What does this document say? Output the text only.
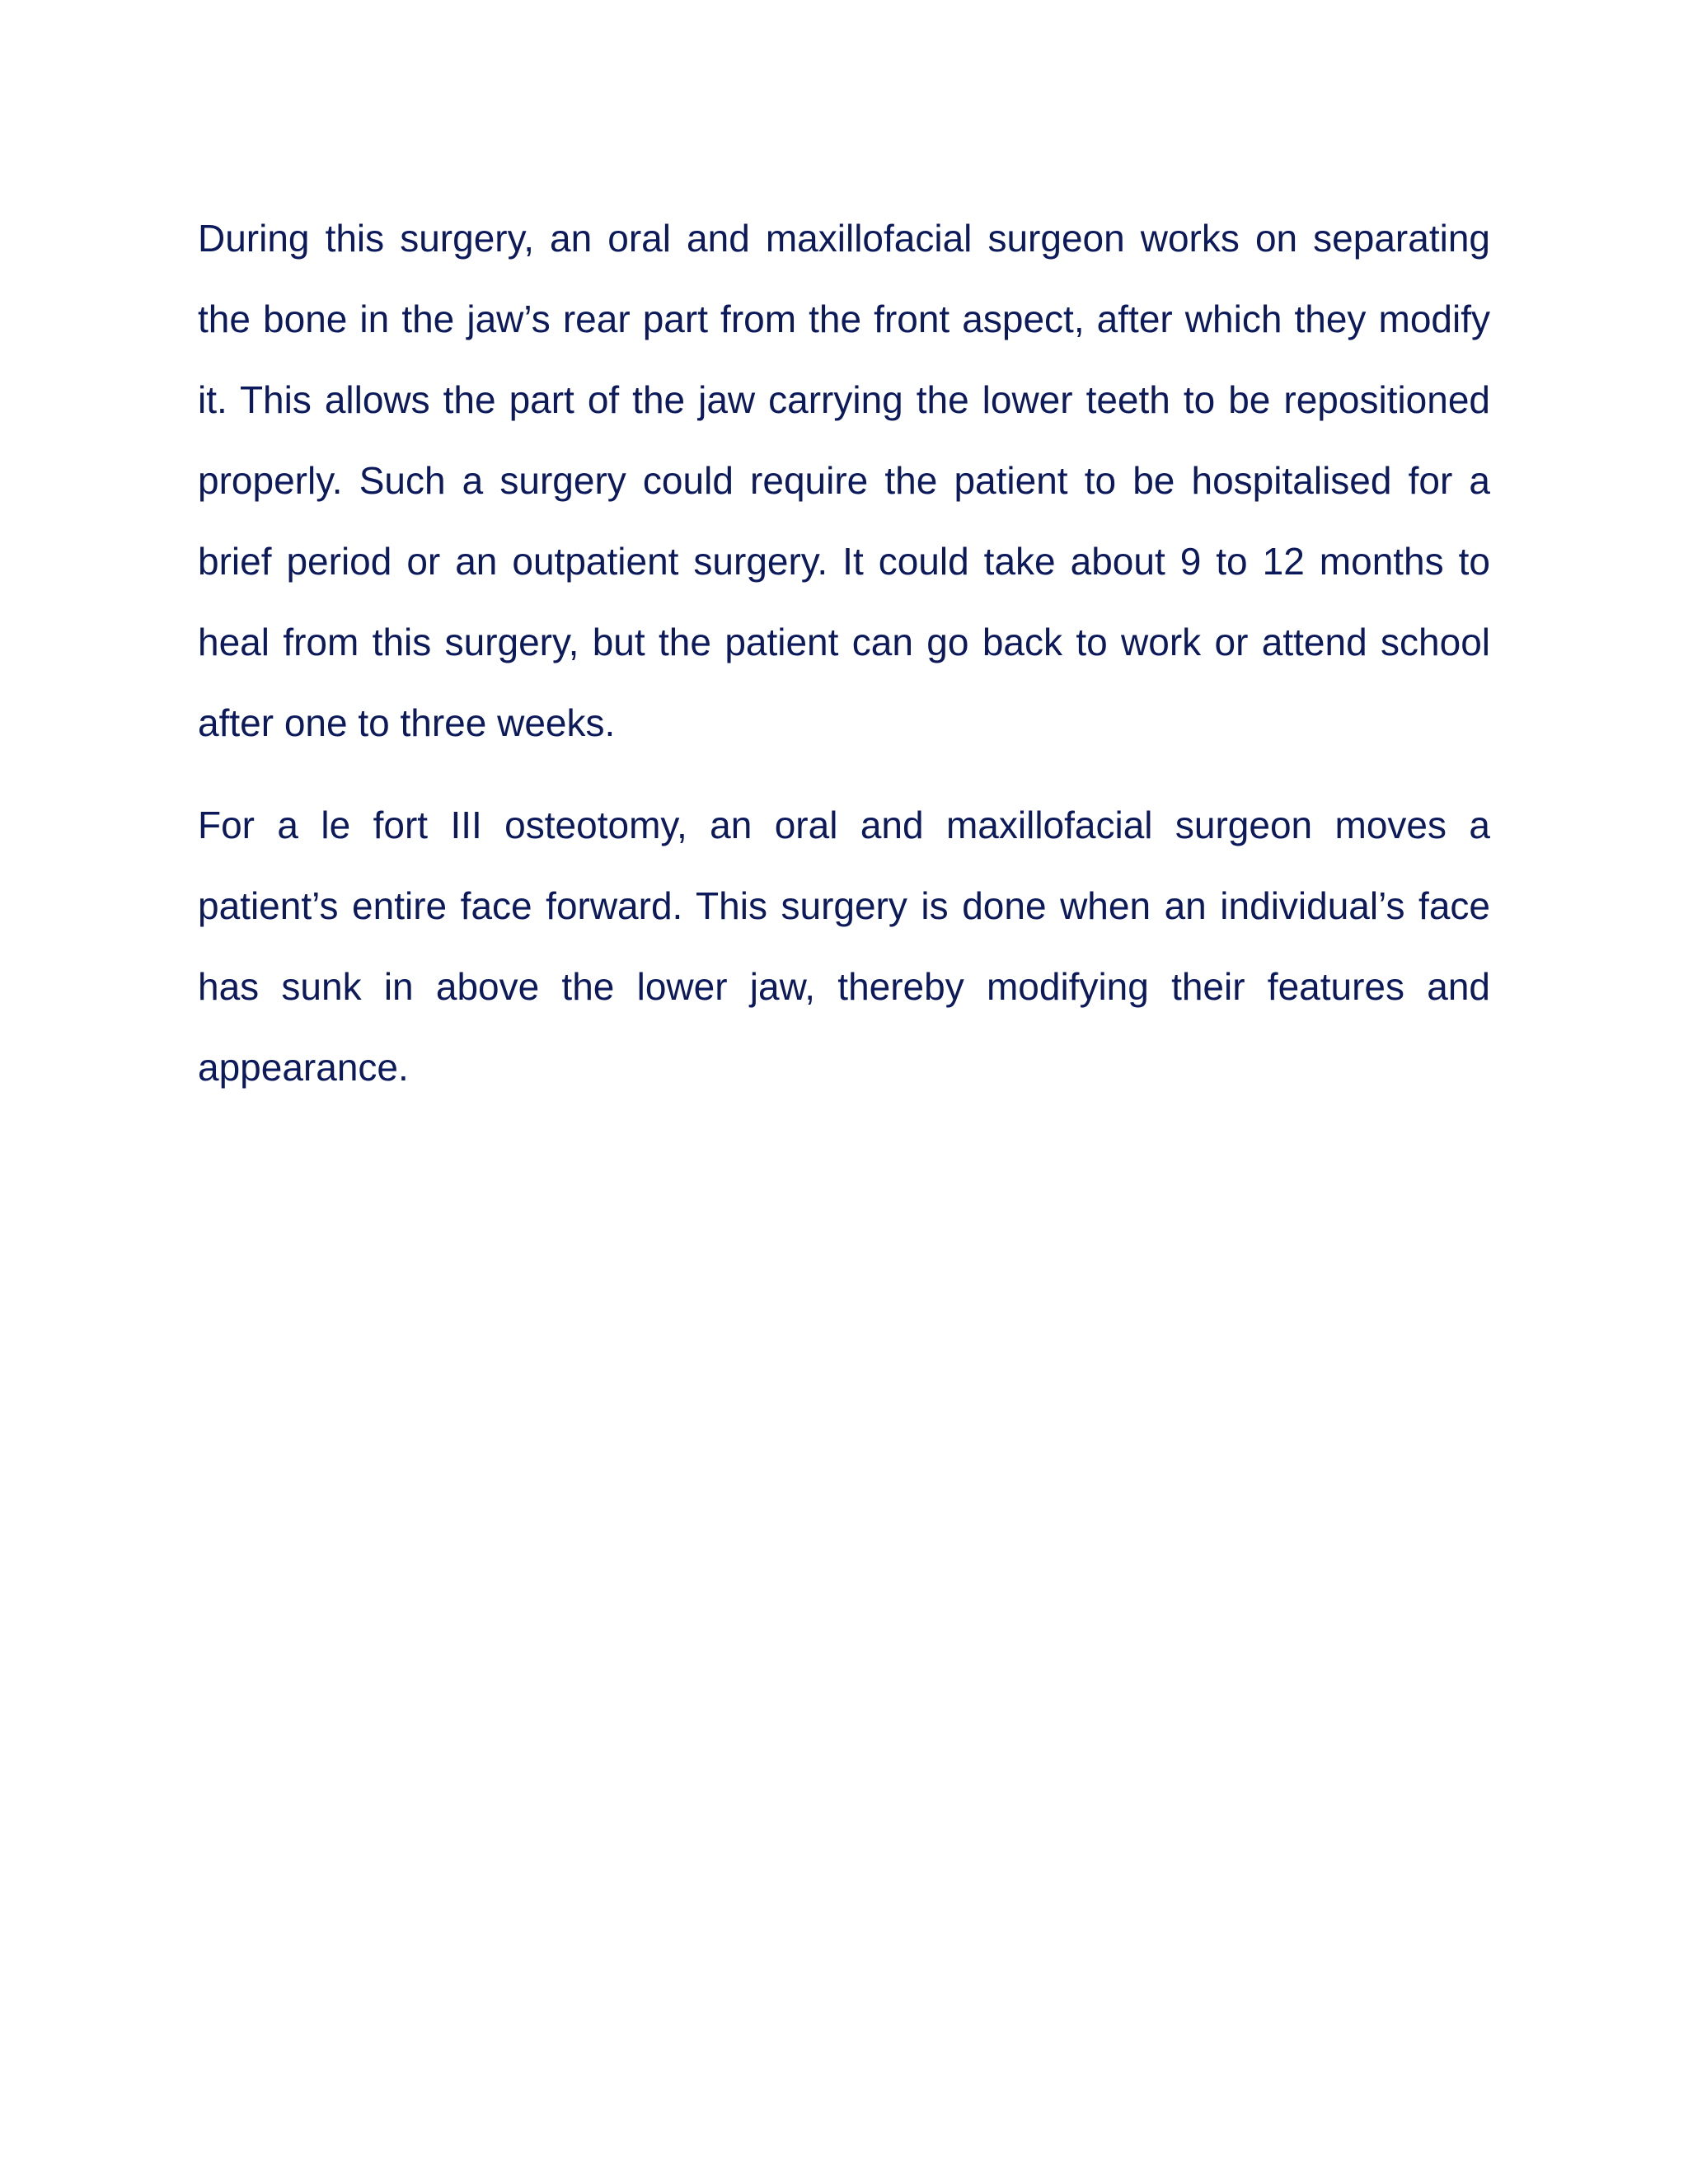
During this surgery, an oral and maxillofacial surgeon works on separating the bone in the jaw’s rear part from the front aspect, after which they modify it. This allows the part of the jaw carrying the lower teeth to be repositioned properly. Such a surgery could require the patient to be hospitalised for a brief period or an outpatient surgery. It could take about 9 to 12 months to heal from this surgery, but the patient can go back to work or attend school after one to three weeks.

For a le fort III osteotomy, an oral and maxillofacial surgeon moves a patient’s entire face forward. This surgery is done when an individual’s face has sunk in above the lower jaw, thereby modifying their features and appearance.
